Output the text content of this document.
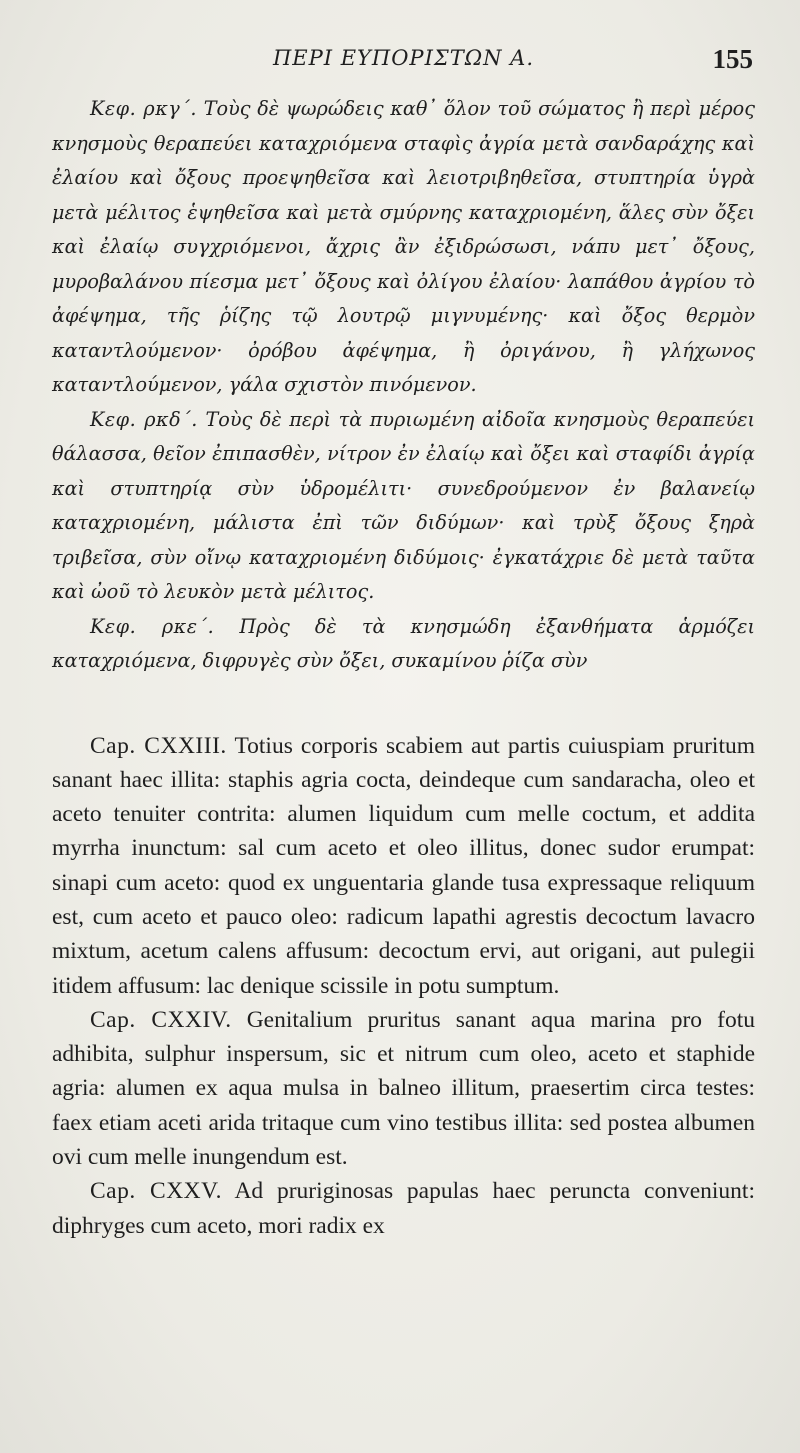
ΠΕΡΙ ΕΥΠΟΡΙΣΤΩΝ Α.	155

Κεφ. ρκγ΄. Τοὺς δὲ ψωρώδεις καθ᾽ ὅλον τοῦ σώματος ἢ περὶ μέρος κνησμοὺς θεραπεύει καταχριόμενα σταφὶς ἀγρία μετὰ σανδαράχης καὶ ἐλαίου καὶ ὄξους προεψηθεῖσα καὶ λειοτριβηθεῖσα, στυπτηρία ὑγρὰ μετὰ μέλιτος ἑψηθεῖσα καὶ μετὰ σμύρνης καταχριομένη, ἅλες σὺν ὄξει καὶ ἐλαίῳ συγχριόμενοι, ἄχρις ἂν ἐξιδρώσωσι, νάπυ μετ᾽ ὄξους, μυροβαλάνου πίεσμα μετ᾽ ὄξους καὶ ὀλίγου ἐλαίου· λαπάθου ἀγρίου τὸ ἀφέψημα, τῆς ῥίζης τῷ λουτρῷ μιγνυμένης· καὶ ὄξος θερμὸν καταντλούμενον· ὀρόβου ἀφέψημα, ἢ ὀριγάνου, ἢ γλήχωνος καταντλούμενον, γάλα σχιστὸν πινόμενον.

Κεφ. ρκδ΄. Τοὺς δὲ περὶ τὰ πυριωμένη αἰδοῖα κνησμοὺς θεραπεύει θάλασσα, θεῖον ἐπιπασθὲν, νίτρον ἐν ἐλαίῳ καὶ ὄξει καὶ σταφίδι ἀγρίᾳ καὶ στυπτηρίᾳ σὺν ὑδρομέλιτι· συνεδρούμενον ἐν βαλανείῳ καταχριομένη, μάλιστα ἐπὶ τῶν διδύμων· καὶ τρὺξ ὄξους ξηρὰ τριβεῖσα, σὺν οἴνῳ καταχριομένη διδύμοις· ἐγκατάχριε δὲ μετὰ ταῦτα καὶ ὠοῦ τὸ λευκὸν μετὰ μέλιτος.

Κεφ. ρκε΄. Πρὸς δὲ τὰ κνησμώδη ἐξανθήματα ἁρμόζει καταχριόμενα, διφρυγὲς σὺν ὄξει, συκαμίνου ῥίζα σὺν

Cap. CXXIII. Totius corporis scabiem aut partis cuiuspiam pruritum sanant haec illita: staphis agria cocta, deindeque cum sandaracha, oleo et aceto tenuiter contrita: alumen liquidum cum melle coctum, et addita myrrha inunctum: sal cum aceto et oleo illitus, donec sudor erumpat: sinapi cum aceto: quod ex unguentaria glande tusa expressaque reliquum est, cum aceto et pauco oleo: radicum lapathi agrestis decoctum lavacro mixtum, acetum calens affusum: decoctum ervi, aut origani, aut pulegii itidem affusum: lac denique scissile in potu sumptum.

Cap. CXXIV. Genitalium pruritus sanant aqua marina pro fotu adhibita, sulphur inspersum, sic et nitrum cum oleo, aceto et staphide agria: alumen ex aqua mulsa in balneo illitum, praesertim circa testes: faex etiam aceti arida tritaque cum vino testibus illita: sed postea albumen ovi cum melle inungendum est.

Cap. CXXV. Ad pruriginosas papulas haec peruncta conveniunt: diphryges cum aceto, mori radix ex
